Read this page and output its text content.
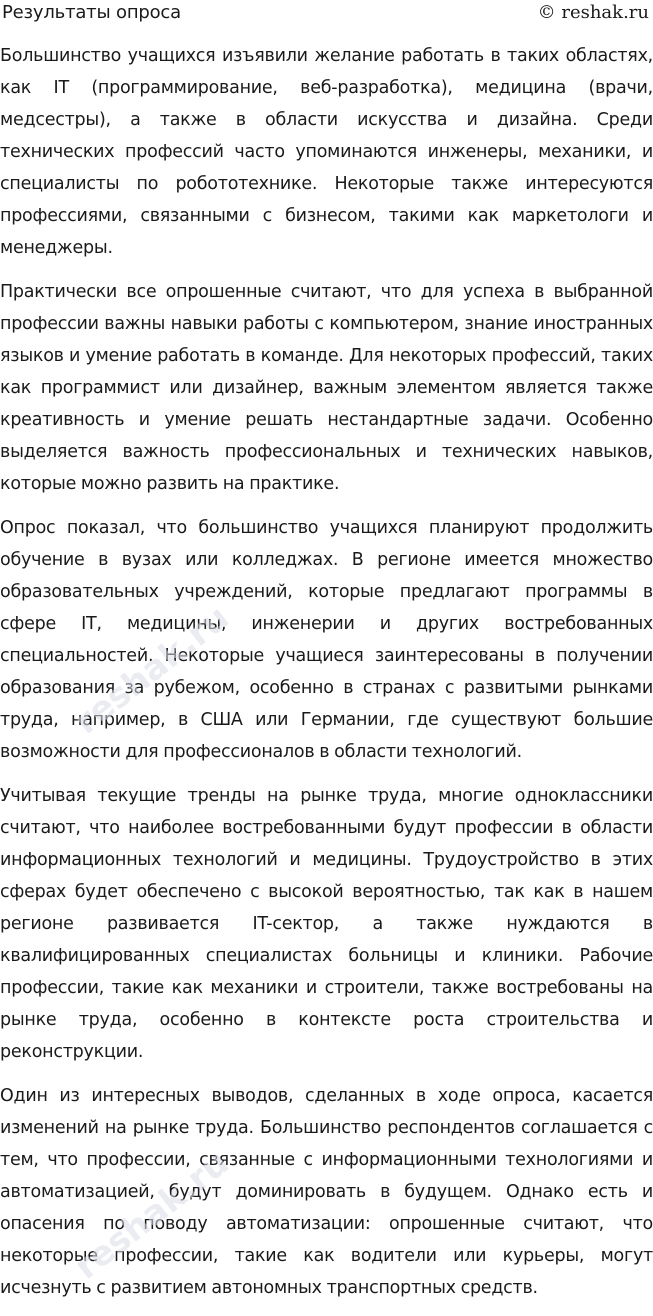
Результаты опроса	© reshak.ru

Большинство учащихся изъявили желание работать в таких областях, как IT (программирование, веб-разработка), медицина (врачи, медсестры), а также в области искусства и дизайна. Среди технических профессий часто упоминаются инженеры, механики, и специалисты по робототехнике. Некоторые также интересуются профессиями, связанными с бизнесом, такими как маркетологи и менеджеры.

Практически все опрошенные считают, что для успеха в выбранной профессии важны навыки работы с компьютером, знание иностранных языков и умение работать в команде. Для некоторых профессий, таких как программист или дизайнер, важным элементом является также креативность и умение решать нестандартные задачи. Особенно выделяется важность профессиональных и технических навыков, которые можно развить на практике.

Опрос показал, что большинство учащихся планируют продолжить обучение в вузах или колледжах. В регионе имеется множество образовательных учреждений, которые предлагают программы в сфере IT, медицины, инженерии и других востребованных специальностей. Некоторые учащиеся заинтересованы в получении образования за рубежом, особенно в странах с развитыми рынками труда, например, в США или Германии, где существуют большие возможности для профессионалов в области технологий.

Учитывая текущие тренды на рынке труда, многие одноклассники считают, что наиболее востребованными будут профессии в области информационных технологий и медицины. Трудоустройство в этих сферах будет обеспечено с высокой вероятностью, так как в нашем регионе развивается IT-сектор, а также нуждаются в квалифицированных специалистах больницы и клиники. Рабочие профессии, такие как механики и строители, также востребованы на рынке труда, особенно в контексте роста строительства и реконструкции.

Один из интересных выводов, сделанных в ходе опроса, касается изменений на рынке труда. Большинство респондентов соглашается с тем, что профессии, связанные с информационными технологиями и автоматизацией, будут доминировать в будущем. Однако есть и опасения по поводу автоматизации: опрошенные считают, что некоторые профессии, такие как водители или курьеры, могут исчезнуть с развитием автономных транспортных средств.

reshak.ru
reshak.ru
